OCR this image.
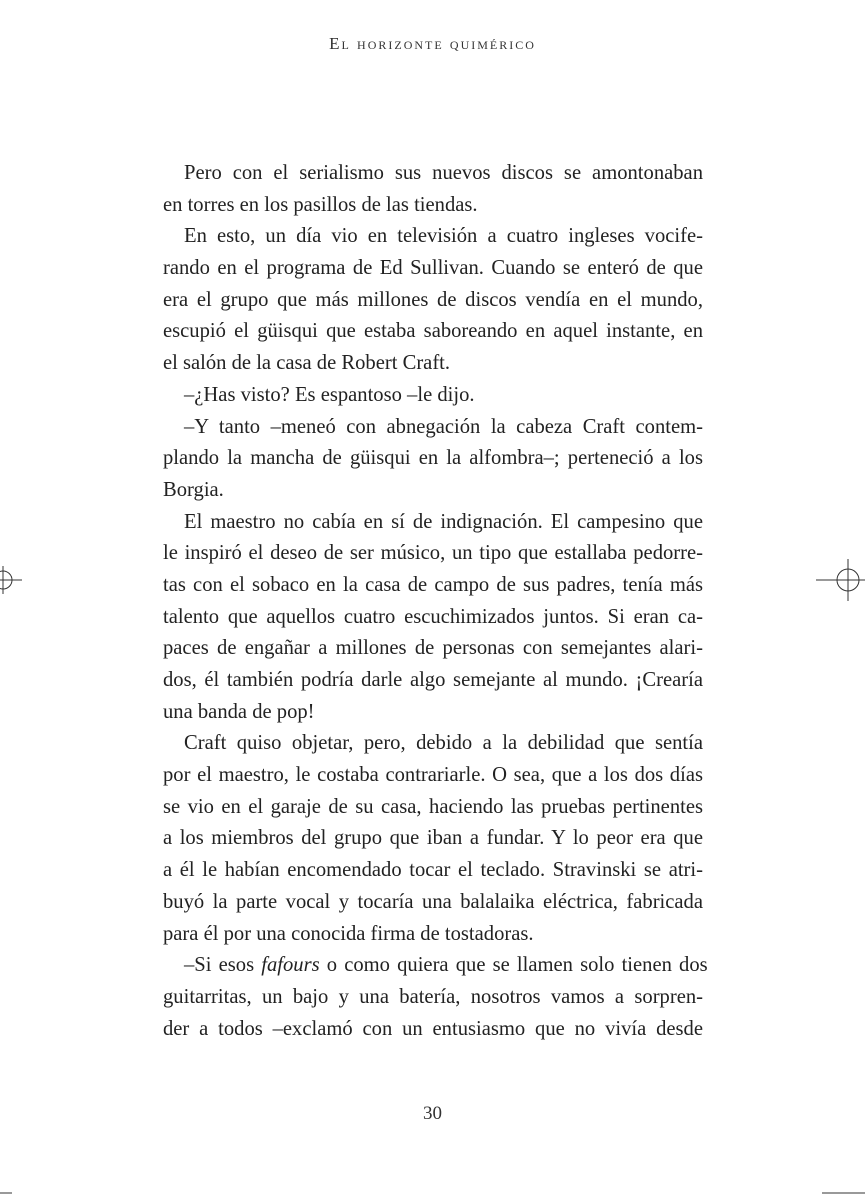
El horizonte quimérico
Pero con el serialismo sus nuevos discos se amontonaban
en torres en los pasillos de las tiendas.
En esto, un día vio en televisión a cuatro ingleses vocife-
rando en el programa de Ed Sullivan. Cuando se enteró de que
era el grupo que más millones de discos vendía en el mundo,
escupió el güisqui que estaba saboreando en aquel instante, en
el salón de la casa de Robert Craft.
–¿Has visto? Es espantoso –le dijo.
–Y tanto –meneó con abnegación la cabeza Craft contem-
plando la mancha de güisqui en la alfombra–; perteneció a los
Borgia.
El maestro no cabía en sí de indignación. El campesino que
le inspiró el deseo de ser músico, un tipo que estallaba pedorre-
tas con el sobaco en la casa de campo de sus padres, tenía más
talento que aquellos cuatro escuchimizados juntos. Si eran ca-
paces de engañar a millones de personas con semejantes alari-
dos, él también podría darle algo semejante al mundo. ¡Crearía
una banda de pop!
Craft quiso objetar, pero, debido a la debilidad que sentía
por el maestro, le costaba contrariarle. O sea, que a los dos días
se vio en el garaje de su casa, haciendo las pruebas pertinentes
a los miembros del grupo que iban a fundar. Y lo peor era que
a él le habían encomendado tocar el teclado. Stravinski se atri-
buyó la parte vocal y tocaría una balalaika eléctrica, fabricada
para él por una conocida firma de tostadoras.
–Si esos fafours o como quiera que se llamen solo tienen dos
guitarritas, un bajo y una batería, nosotros vamos a sorpren-
der a todos –exclamó con un entusiasmo que no vivía desde
30
